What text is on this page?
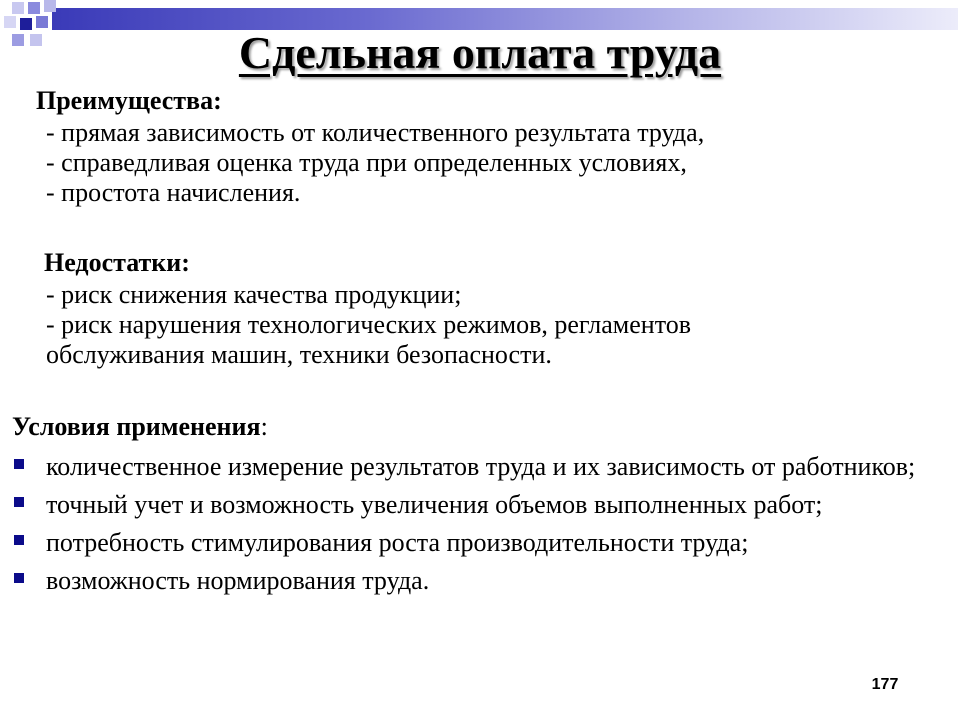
Сдельная оплата труда

Преимущества:

- прямая зависимость от количественного результата труда,
- справедливая оценка труда при определенных условиях,
- простота начисления.

Недостатки:

- риск снижения качества продукции;
- риск нарушения технологических режимов, регламентов
обслуживания машин, техники безопасности.

Условия применения:

количественное измерение результатов труда и их зависимость от работников;
точный учет и возможность увеличения объемов выполненных работ;
потребность стимулирования роста производительности труда;
возможность нормирования труда.
177
